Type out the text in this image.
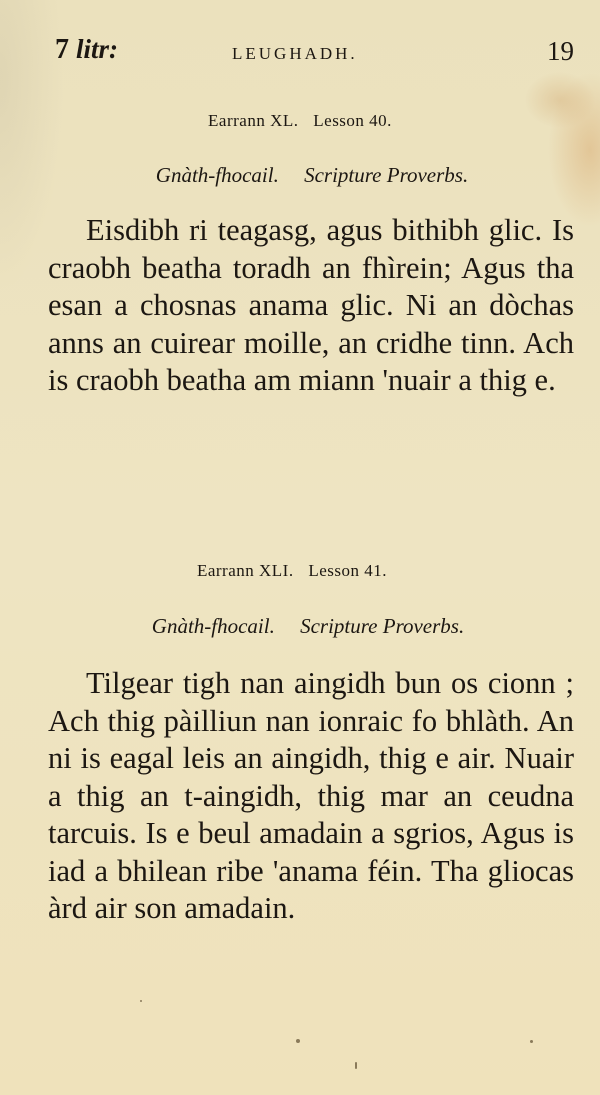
7 litr:	LEUGHADH.	19
Earrann XL. Lesson 40.
Gnàth-fhocail. Scripture Proverbs.

Eisdibh ri teagasg, agus bithibh glic. Is craobh beatha toradh an fhìrein; Agus tha esan a chosnas anama glic. Ni an dòchas anns an cuirear moille, an cridhe tinn. Ach is craobh beatha am miann 'nuair a thig e.

Earrann XLI. Lesson 41.
Gnàth-fhocail. Scripture Proverbs.

Tilgear tigh nan aingidh bun os cionn ; Ach thig pàilliun nan ionraic fo bhlàth. An ni is eagal leis an aingidh, thig e air. Nuair a thig an t-aingidh, thig mar an ceudna tarcuis. Is e beul amadain a sgrios, Agus is iad a bhilean ribe 'anama féin. Tha gliocas àrd air son amadain.
